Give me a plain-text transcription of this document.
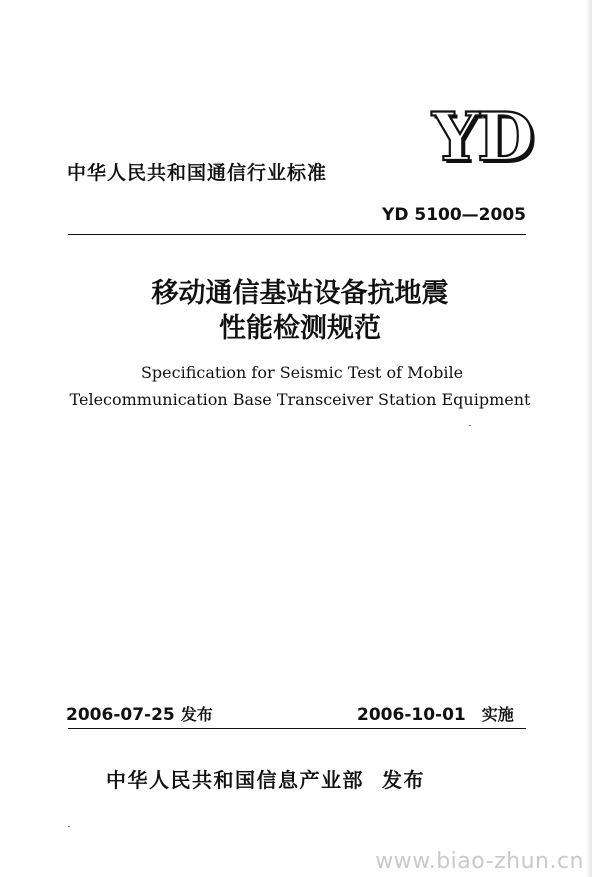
YD
中华人民共和国通信行业标准
YD 5100—2005
移动通信基站设备抗地震
性能检测规范
Specification for Seismic Test of Mobile
Telecommunication Base Transceiver Station Equipment
2006-07-25 发布	2006-10-01 实施
中华人民共和国信息产业部 发布
www.biao-zhun.cn
